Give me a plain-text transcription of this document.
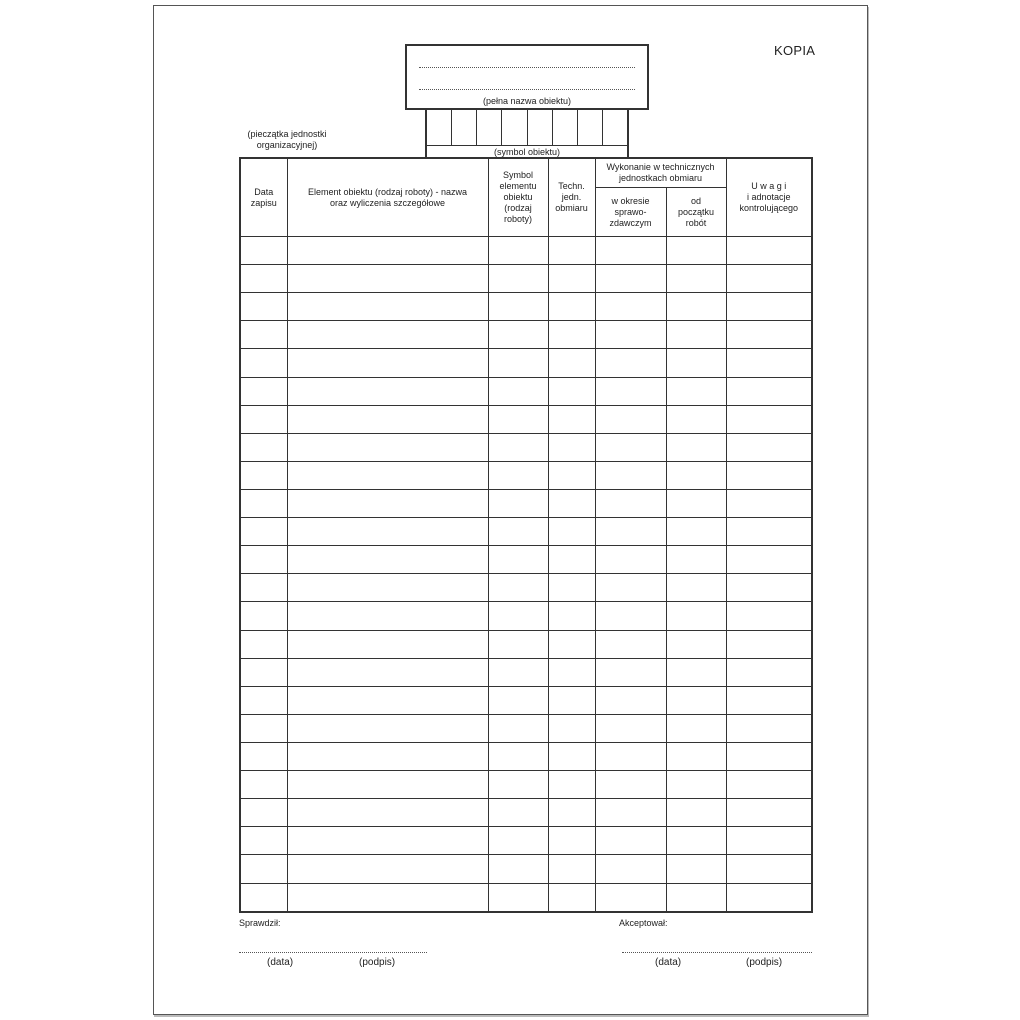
KOPIA
(pełna nazwa obiektu)
(pieczątka jednostki
organizacyjnej)
(symbol obiektu)
Data zapisu	Element obiektu (rodzaj roboty) - nazwa oraz wyliczenia szczegółowe	Symbol elementu obiektu (rodzaj roboty)	Techn. jedn. obmiaru	Wykonanie w technicznych jednostkach obmiaru		U w a g i
i adnotacje kontrolującego

				w okresie sprawo-zdawczym	od początku robót	

Sprawdził:	Akceptował:
(data)	(podpis)	(data)	(podpis)
